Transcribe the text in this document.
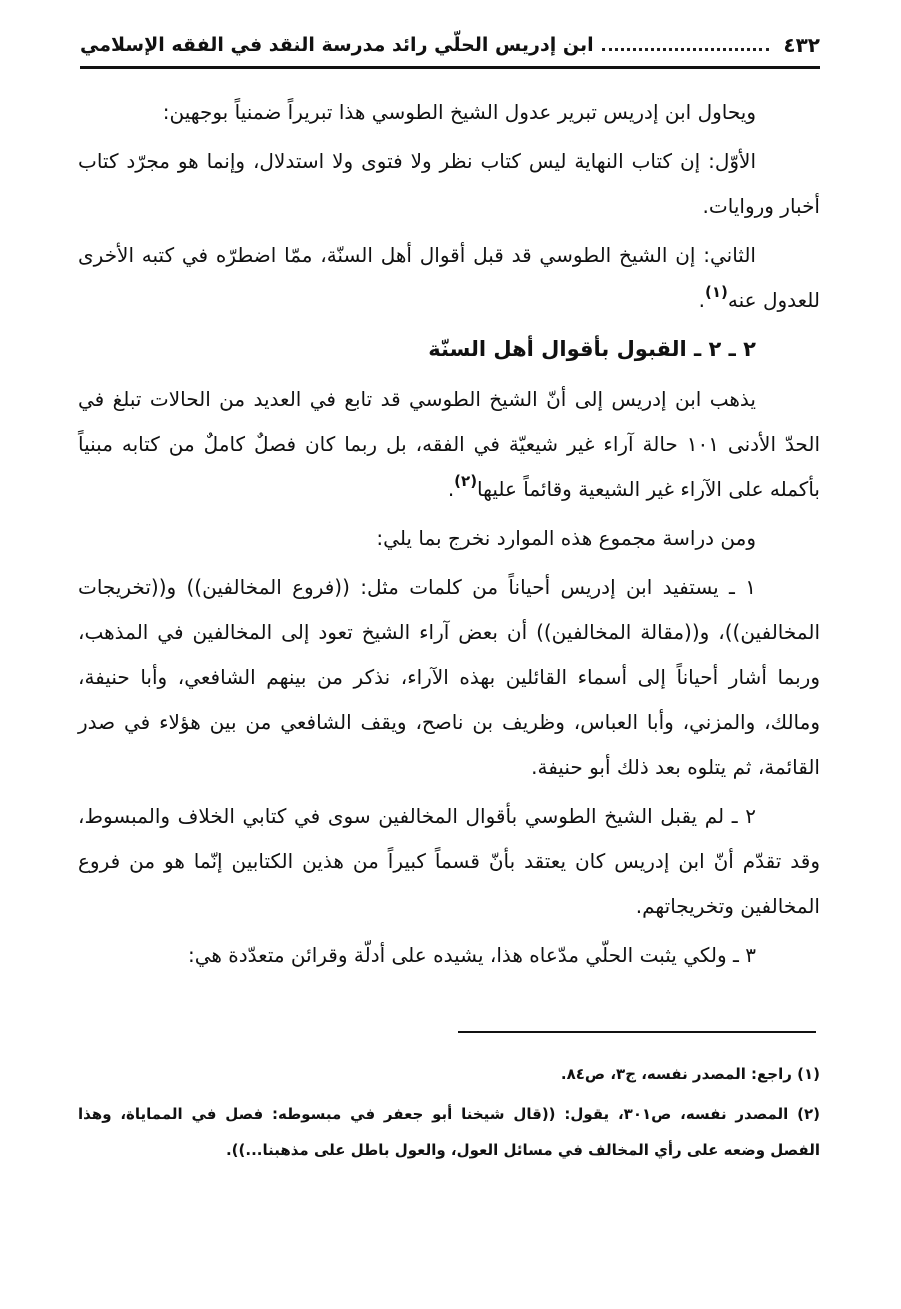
٤٣٢
ابن إدريس الحلّي رائد مدرسة النقد في الفقه الإسلامي

ويحاول ابن إدريس تبرير عدول الشيخ الطوسي هذا تبريراً ضمنياً بوجهين:

الأوّل: إن كتاب النهاية ليس كتاب نظر ولا فتوى ولا استدلال، وإنما هو مجرّد كتاب أخبار وروايات.

الثاني: إن الشيخ الطوسي قد قبل أقوال أهل السنّة، ممّا اضطرّه في كتبه الأخرى للعدول عنه$^{(١)}$.

٢ ـ ٢ ـ القبول بأقوال أهل السنّة

يذهب ابن إدريس إلى أنّ الشيخ الطوسي قد تابع في العديد من الحالات تبلغ في الحدّ الأدنى ١٠١ حالة آراء غير شيعيّة في الفقه، بل ربما كان فصلٌ كاملٌ من كتابه مبنياً بأكمله على الآراء غير الشيعية وقائماً عليها$^{(٢)}$.

ومن دراسة مجموع هذه الموارد نخرج بما يلي:

١ ـ يستفيد ابن إدريس أحياناً من كلمات مثل: ((فروع المخالفين)) و((تخريجات المخالفين))، و((مقالة المخالفين)) أن بعض آراء الشيخ تعود إلى المخالفين في المذهب، وربما أشار أحياناً إلى أسماء القائلين بهذه الآراء، نذكر من بينهم الشافعي، وأبا حنيفة، ومالك، والمزني، وأبا العباس، وظريف بن ناصح، ويقف الشافعي من بين هؤلاء في صدر القائمة، ثم يتلوه بعد ذلك أبو حنيفة.

٢ ـ لم يقبل الشيخ الطوسي بأقوال المخالفين سوى في كتابي الخلاف والمبسوط، وقد تقدّم أنّ ابن إدريس كان يعتقد بأنّ قسماً كبيراً من هذين الكتابين إنّما هو من فروع المخالفين وتخريجاتهم.

٣ ـ ولكي يثبت الحلّي مدّعاه هذا، يشيده على أدلّة وقرائن متعدّدة هي:

(١) راجع: المصدر نفسه، ج٣، ص٨٤.

(٢) المصدر نفسه، ص٣٠١، يقول: ((قال شيخنا أبو جعفر في مبسوطه: فصل في المماياة، وهذا الفصل وضعه على رأي المخالف في مسائل العول، والعول باطل على مذهبنا...)).
